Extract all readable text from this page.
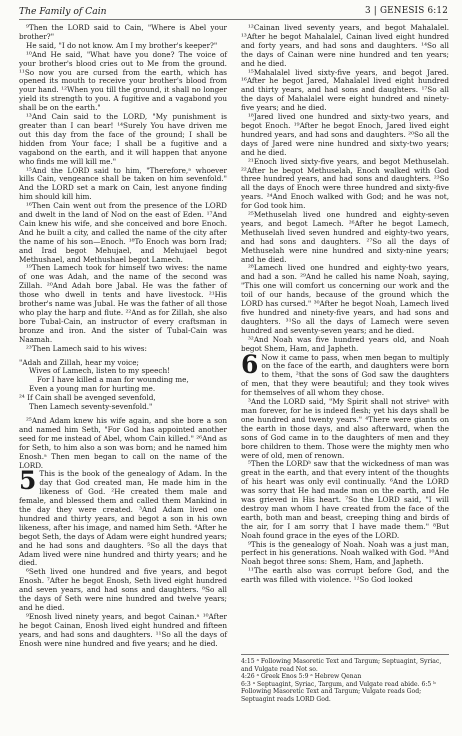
The Family of Cain	3 | GENESIS 6:12

⁹Then the LORD said to Cain, "Where is Abel your brother?"

He said, "I do not know. Am I my brother's keeper?"

¹⁰And He said, "What have you done? The voice of your brother's blood cries out to Me from the ground. ¹¹So now you are cursed from the earth, which has opened its mouth to receive your brother's blood from your hand. ¹²When you till the ground, it shall no longer yield its strength to you. A fugitive and a vagabond you shall be on the earth."

¹³And Cain said to the LORD, "My punishment is greater than I can bear! ¹⁴Surely You have driven me out this day from the face of the ground; I shall be hidden from Your face; I shall be a fugitive and a vagabond on the earth, and it will happen that anyone who finds me will kill me."

¹⁵And the LORD said to him, "Therefore,ᵃ whoever kills Cain, vengeance shall be taken on him sevenfold." And the LORD set a mark on Cain, lest anyone finding him should kill him.

¹⁶Then Cain went out from the presence of the LORD and dwelt in the land of Nod on the east of Eden. ¹⁷And Cain knew his wife, and she conceived and bore Enoch. And he built a city, and called the name of the city after the name of his son—Enoch. ¹⁸To Enoch was born Irad; and Irad begot Mehujael, and Mehujael begot Methushael, and Methushael begot Lamech.

¹⁹Then Lamech took for himself two wives: the name of one was Adah, and the name of the second was Zillah. ²⁰And Adah bore Jabal. He was the father of those who dwell in tents and have livestock. ²¹His brother's name was Jubal. He was the father of all those who play the harp and flute. ²²And as for Zillah, she also bore Tubal-Cain, an instructor of every craftsman in bronze and iron. And the sister of Tubal-Cain was Naamah.

²³Then Lamech said to his wives:

"Adah and Zillah, hear my voice;

Wives of Lamech, listen to my speech!

For I have killed a man for wounding me,

Even a young man for hurting me.

²⁴ If Cain shall be avenged sevenfold,

Then Lamech seventy-sevenfold."

²⁵And Adam knew his wife again, and she bore a son and named him Seth, "For God has appointed another seed for me instead of Abel, whom Cain killed." ²⁶And as for Seth, to him also a son was born; and he named him Enosh.ᵃ Then men began to call on the name of the LORD.

5 This is the book of the genealogy of Adam. In the day that God created man, He made him in the likeness of God. ²He created them male and female, and blessed them and called them Mankind in the day they were created. ³And Adam lived one hundred and thirty years, and begot a son in his own likeness, after his image, and named him Seth. ⁴After he begot Seth, the days of Adam were eight hundred years; and he had sons and daughters. ⁵So all the days that Adam lived were nine hundred and thirty years; and he died.

⁶Seth lived one hundred and five years, and begot Enosh. ⁷After he begot Enosh, Seth lived eight hundred and seven years, and had sons and daughters. ⁸So all the days of Seth were nine hundred and twelve years; and he died.

⁹Enosh lived ninety years, and begot Cainan.ᵃ ¹⁰After he begot Cainan, Enosh lived eight hundred and fifteen years, and had sons and daughters. ¹¹So all the days of Enosh were nine hundred and five years; and he died.

¹²Cainan lived seventy years, and begot Mahalalel. ¹³After he begot Mahalalel, Cainan lived eight hundred and forty years, and had sons and daughters. ¹⁴So all the days of Cainan were nine hundred and ten years; and he died.

¹⁵Mahalalel lived sixty-five years, and begot Jared. ¹⁶After he begot Jared, Mahalalel lived eight hundred and thirty years, and had sons and daughters. ¹⁷So all the days of Mahalalel were eight hundred and ninety-five years; and he died.

¹⁸Jared lived one hundred and sixty-two years, and begot Enoch. ¹⁹After he begot Enoch, Jared lived eight hundred years, and had sons and daughters. ²⁰So all the days of Jared were nine hundred and sixty-two years; and he died.

²¹Enoch lived sixty-five years, and begot Methuselah. ²²After he begot Methuselah, Enoch walked with God three hundred years, and had sons and daughters. ²³So all the days of Enoch were three hundred and sixty-five years. ²⁴And Enoch walked with God; and he was not, for God took him.

²⁵Methuselah lived one hundred and eighty-seven years, and begot Lamech. ²⁶After he begot Lamech, Methuselah lived seven hundred and eighty-two years, and had sons and daughters. ²⁷So all the days of Methuselah were nine hundred and sixty-nine years; and he died.

²⁸Lamech lived one hundred and eighty-two years, and had a son. ²⁹And he called his name Noah, saying, "This one will comfort us concerning our work and the toil of our hands, because of the ground which the LORD has cursed." ³⁰After he begot Noah, Lamech lived five hundred and ninety-five years, and had sons and daughters. ³¹So all the days of Lamech were seven hundred and seventy-seven years; and he died.

³²And Noah was five hundred years old, and Noah begot Shem, Ham, and Japheth.

6 Now it came to pass, when men began to multiply on the face of the earth, and daughters were born to them, ²that the sons of God saw the daughters of men, that they were beautiful; and they took wives for themselves of all whom they chose.

³And the LORD said, "My Spirit shall not striveᵃ with man forever, for he is indeed flesh; yet his days shall be one hundred and twenty years." ⁴There were giants on the earth in those days, and also afterward, when the sons of God came in to the daughters of men and they bore children to them. Those were the mighty men who were of old, men of renown.

⁵Then the LORDᵇ saw that the wickedness of man was great in the earth, and that every intent of the thoughts of his heart was only evil continually. ⁶And the LORD was sorry that He had made man on the earth, and He was grieved in His heart. ⁷So the LORD said, "I will destroy man whom I have created from the face of the earth, both man and beast, creeping thing and birds of the air, for I am sorry that I have made them." ⁸But Noah found grace in the eyes of the LORD.

⁹This is the genealogy of Noah. Noah was a just man, perfect in his generations. Noah walked with God. ¹⁰And Noah begot three sons: Shem, Ham, and Japheth.

¹¹The earth also was corrupt before God, and the earth was filled with violence. ¹²So God looked

4:15 ᵃ Following Masoretic Text and Targum; Septuagint, Syriac, and Vulgate read Not so.
4:26 ᵃ Greek Enos 5:9 ᵃ Hebrew Qenan
6:3 ᵃ Septuagint, Syriac, Targum, and Vulgate read abide. 6:5 ᵇ Following Masoretic Text and Targum; Vulgate reads God; Septuagint reads LORD God.
